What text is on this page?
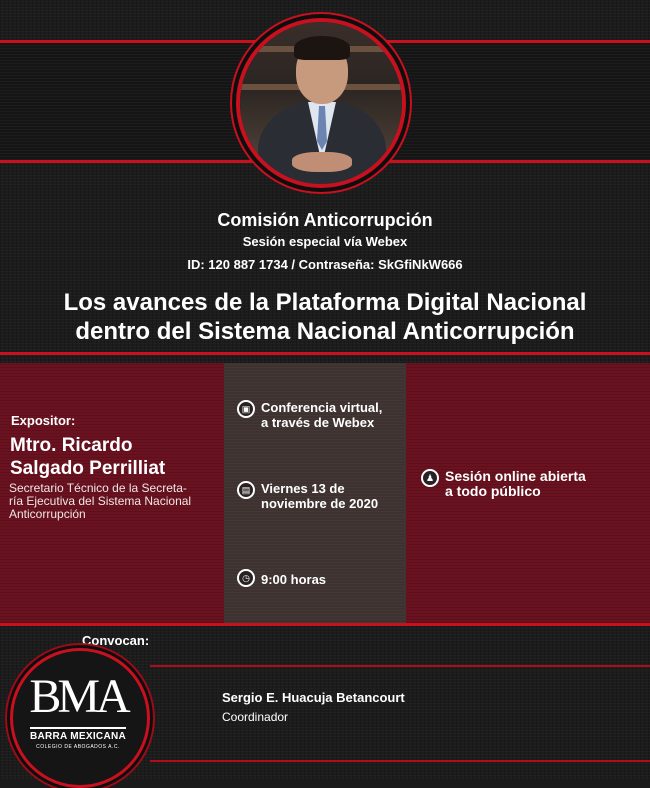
Comisión Anticorrupción
Sesión especial vía Webex
ID: 120 887 1734 / Contraseña: SkGfiNkW666
Los avances de la Plataforma Digital Nacional
dentro del Sistema Nacional Anticorrupción
Expositor:
Mtro. Ricardo
Salgado Perrilliat
Secretario Técnico de la Secreta-
ría Ejecutiva del Sistema Nacional
Anticorrupción
▣ Conferencia virtual,
a través de Webex
▤ Viernes 13 de
noviembre de 2020
◷ 9:00 horas
♟ Sesión online abierta
a todo público
Convocan:
BMA
BARRA MEXICANA
COLEGIO DE ABOGADOS A.C.
Sergio E. Huacuja Betancourt
Coordinador
